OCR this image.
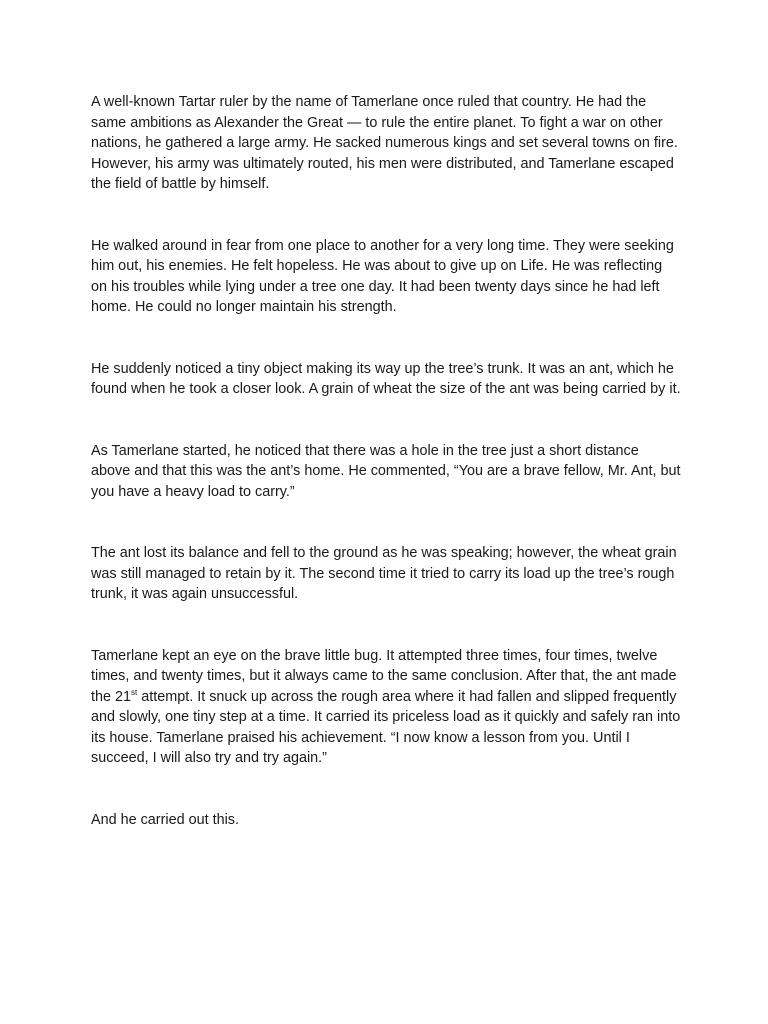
A well-known Tartar ruler by the name of Tamerlane once ruled that country. He had the same ambitions as Alexander the Great — to rule the entire planet. To fight a war on other nations, he gathered a large army. He sacked numerous kings and set several towns on fire. However, his army was ultimately routed, his men were distributed, and Tamerlane escaped the field of battle by himself.

He walked around in fear from one place to another for a very long time. They were seeking him out, his enemies. He felt hopeless. He was about to give up on Life. He was reflecting on his troubles while lying under a tree one day. It had been twenty days since he had left home. He could no longer maintain his strength.

He suddenly noticed a tiny object making its way up the tree’s trunk. It was an ant, which he found when he took a closer look. A grain of wheat the size of the ant was being carried by it.

As Tamerlane started, he noticed that there was a hole in the tree just a short distance above and that this was the ant’s home. He commented, “You are a brave fellow, Mr. Ant, but you have a heavy load to carry.”

The ant lost its balance and fell to the ground as he was speaking; however, the wheat grain was still managed to retain by it. The second time it tried to carry its load up the tree’s rough trunk, it was again unsuccessful.

Tamerlane kept an eye on the brave little bug. It attempted three times, four times, twelve times, and twenty times, but it always came to the same conclusion. After that, the ant made the 21st attempt. It snuck up across the rough area where it had fallen and slipped frequently and slowly, one tiny step at a time. It carried its priceless load as it quickly and safely ran into its house. Tamerlane praised his achievement. “I now know a lesson from you. Until I succeed, I will also try and try again.”

And he carried out this.
